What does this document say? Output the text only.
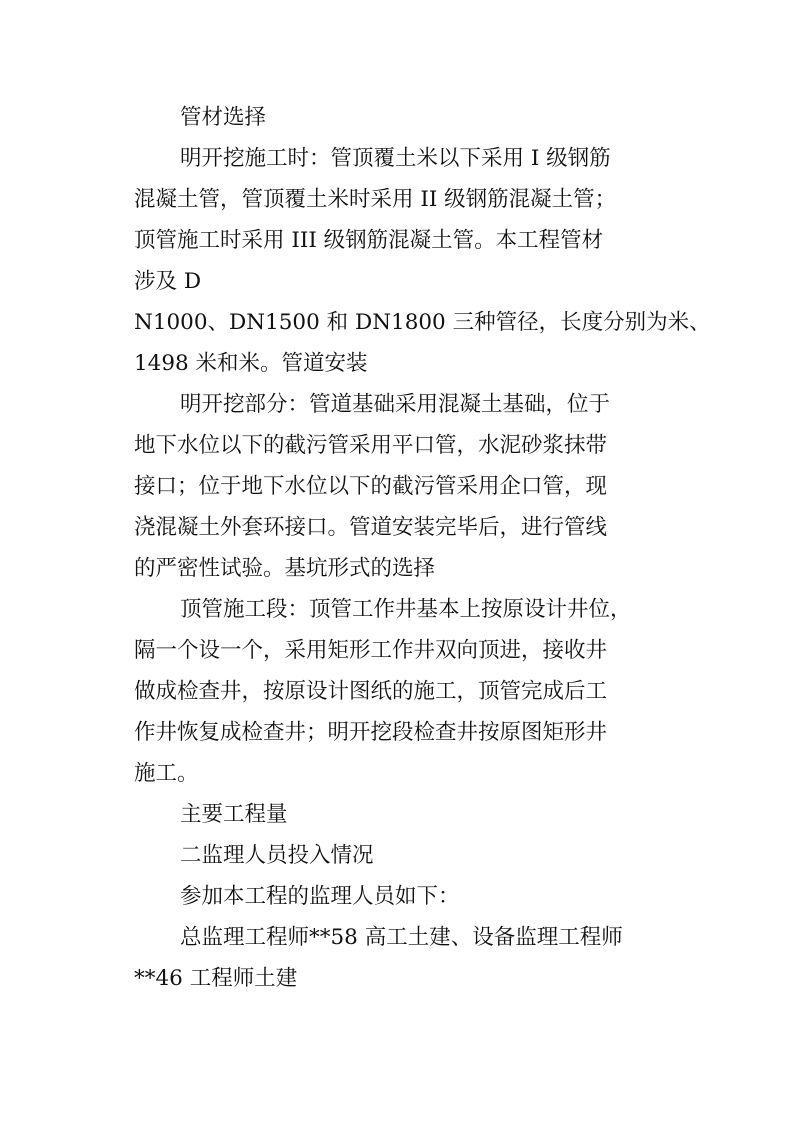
管材选择
明开挖施工时：管顶覆土米以下采用 I 级钢筋
混凝土管，管顶覆土米时采用 II 级钢筋混凝土管；
顶管施工时采用 III 级钢筋混凝土管。本工程管材
涉及 D
N1000、DN1500 和 DN1800 三种管径，长度分别为米、
1498 米和米。管道安装
明开挖部分：管道基础采用混凝土基础，位于
地下水位以下的截污管采用平口管，水泥砂浆抹带
接口；位于地下水位以下的截污管采用企口管，现
浇混凝土外套环接口。管道安装完毕后，进行管线
的严密性试验。基坑形式的选择
顶管施工段：顶管工作井基本上按原设计井位，
隔一个设一个，采用矩形工作井双向顶进，接收井
做成检查井，按原设计图纸的施工，顶管完成后工
作井恢复成检查井；明开挖段检查井按原图矩形井
施工。
主要工程量
二监理人员投入情况
参加本工程的监理人员如下：
总监理工程师**58 高工土建、设备监理工程师
**46 工程师土建
